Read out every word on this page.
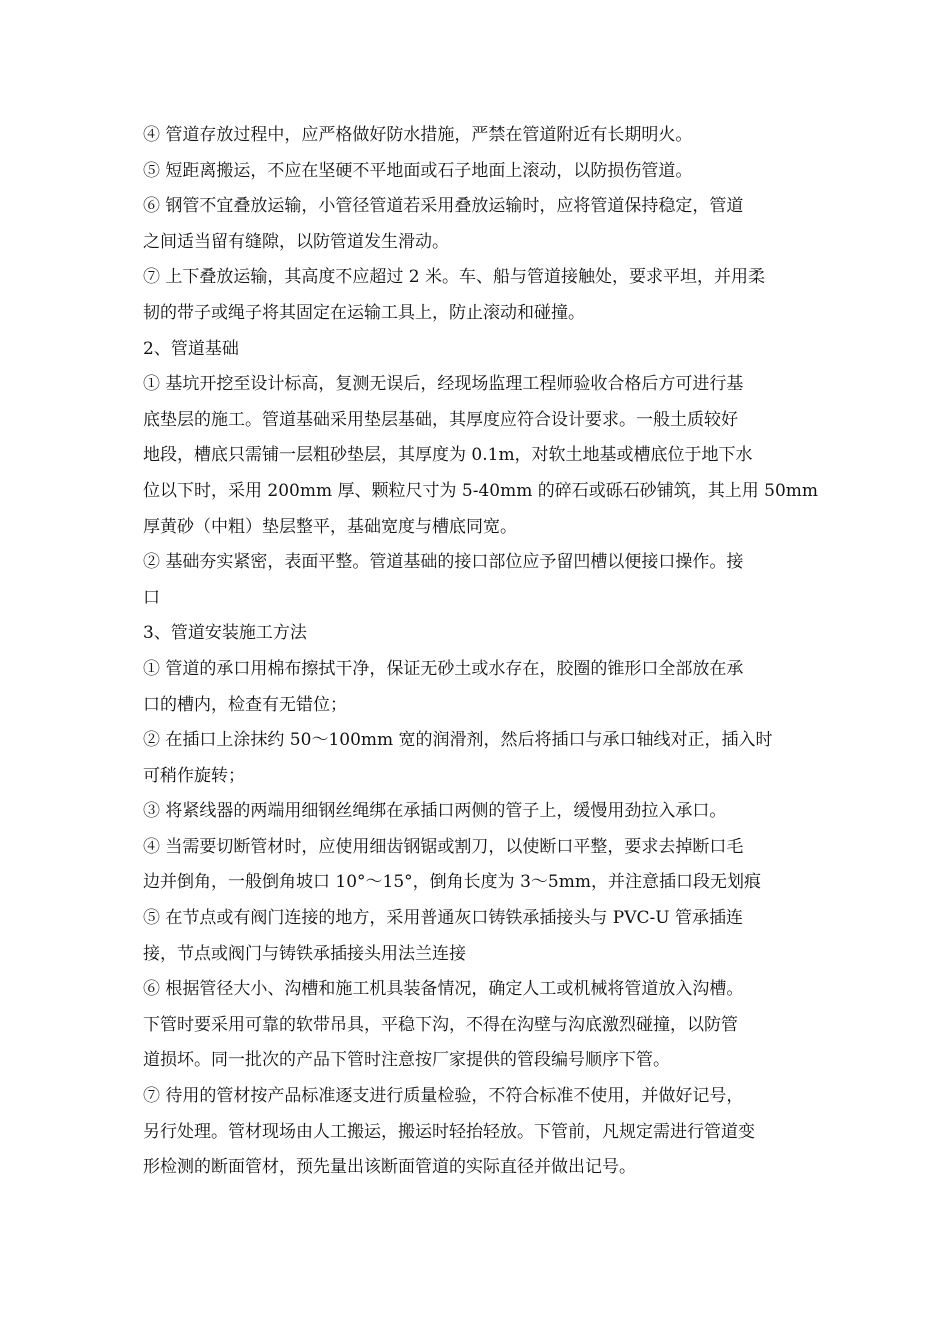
④ 管道存放过程中，应严格做好防水措施，严禁在管道附近有长期明火。
⑤ 短距离搬运，不应在坚硬不平地面或石子地面上滚动，以防损伤管道。
⑥ 钢管不宜叠放运输，小管径管道若采用叠放运输时，应将管道保持稳定，管道
之间适当留有缝隙，以防管道发生滑动。
⑦ 上下叠放运输，其高度不应超过 2 米。车、船与管道接触处，要求平坦，并用柔
韧的带子或绳子将其固定在运输工具上，防止滚动和碰撞。
2、管道基础
① 基坑开挖至设计标高，复测无误后，经现场监理工程师验收合格后方可进行基
底垫层的施工。管道基础采用垫层基础，其厚度应符合设计要求。一般土质较好
地段，槽底只需铺一层粗砂垫层，其厚度为 0.1m，对软土地基或槽底位于地下水
位以下时，采用 200mm 厚、颗粒尺寸为 5-40mm 的碎石或砾石砂铺筑，其上用 50mm
厚黄砂（中粗）垫层整平，基础宽度与槽底同宽。
② 基础夯实紧密，表面平整。管道基础的接口部位应予留凹槽以便接口操作。接
口
3、管道安装施工方法
① 管道的承口用棉布擦拭干净，保证无砂土或水存在，胶圈的锥形口全部放在承
口的槽内，检查有无错位；
② 在插口上涂抹约 50～100mm 宽的润滑剂，然后将插口与承口轴线对正，插入时
可稍作旋转；
③ 将紧线器的两端用细钢丝绳绑在承插口两侧的管子上，缓慢用劲拉入承口。
④ 当需要切断管材时，应使用细齿钢锯或割刀，以使断口平整，要求去掉断口毛
边并倒角，一般倒角坡口 10°～15°，倒角长度为 3～5mm，并注意插口段无划痕
⑤ 在节点或有阀门连接的地方，采用普通灰口铸铁承插接头与 PVC-U 管承插连
接，节点或阀门与铸铁承插接头用法兰连接
⑥ 根据管径大小、沟槽和施工机具装备情况，确定人工或机械将管道放入沟槽。
下管时要采用可靠的软带吊具，平稳下沟，不得在沟壁与沟底激烈碰撞，以防管
道损坏。同一批次的产品下管时注意按厂家提供的管段编号顺序下管。
⑦ 待用的管材按产品标准逐支进行质量检验，不符合标准不使用，并做好记号，
另行处理。管材现场由人工搬运，搬运时轻抬轻放。下管前，凡规定需进行管道变
形检测的断面管材，预先量出该断面管道的实际直径并做出记号。
